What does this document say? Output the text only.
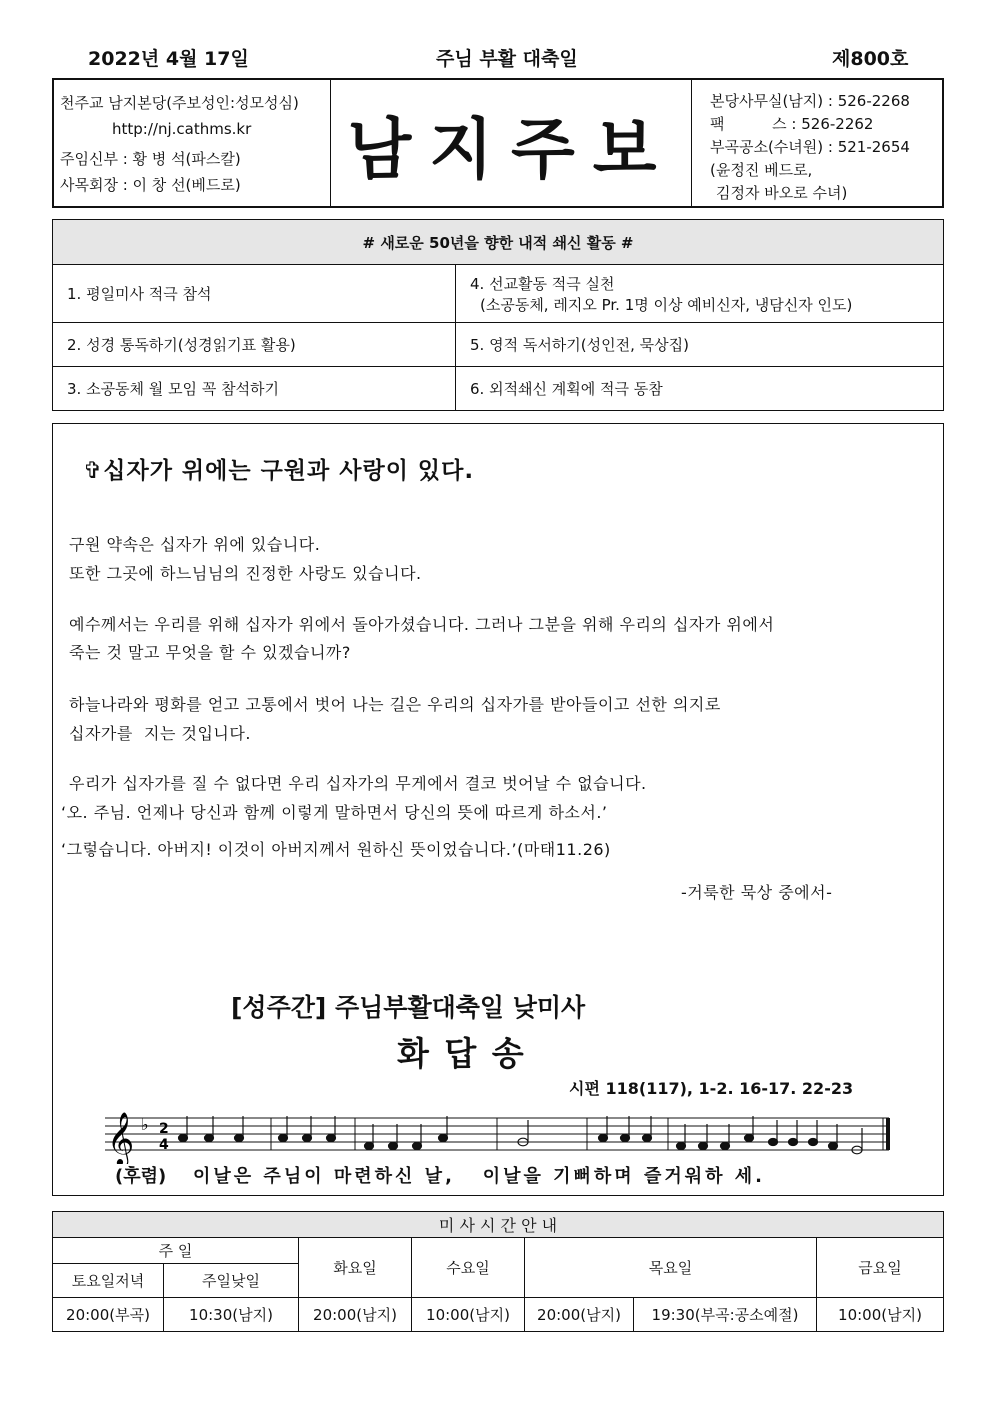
2022년 4월 17일	주님 부활 대축일	제800호
천주교 남지본당(주보성인:성모성심)
http://nj.cathms.kr
주임신부 : 황 병 석(파스칼)
사목회장 : 이 창 선(베드로) 남지주보
본당사무실(남지) : 526-2268
팩          스 : 526-2262
부곡공소(수녀원) : 521-2654
(윤정진 베드로,
김정자 바오로 수녀)
# 새로운 50년을 향한 내적 쇄신 활동 #	
1. 평일미사 적극 참석	4. 선교활동 적극 실천
(소공동체, 레지오 Pr. 1명 이상 예비신자, 냉담신자 인도)

2. 성경 통독하기(성경읽기표 활용)	5. 영적 독서하기(성인전, 묵상집)
3. 소공동체 월 모임 꼭 참석하기	6. 외적쇄신 계획에 적극 동참
✞십자가 위에는 구원과 사랑이 있다.
구원 약속은 십자가 위에 있습니다.
또한 그곳에 하느님님의 진정한 사랑도 있습니다.
예수께서는 우리를 위해 십자가 위에서 돌아가셨습니다. 그러나 그분을 위해 우리의 십자가 위에서
죽는 것 말고 무엇을 할 수 있겠습니까?
하늘나라와 평화를 얻고 고통에서 벗어 나는 길은 우리의 십자가를 받아들이고 선한 의지로
십자가를  지는 것입니다.
우리가 십자가를 질 수 없다면 우리 십자가의 무게에서 결코 벗어날 수 없습니다.
‘오. 주님. 언제나 당신과 함께 이렇게 말하면서 당신의 뜻에 따르게 하소서.’
‘그렇습니다. 아버지! 이것이 아버지께서 원하신 뜻이었습니다.’(마태11.26)
-거룩한 묵상 중에서-
[성주간] 주님부활대축일 낮미사
화 답 송
시편 118(117), 1-2. 16-17. 22-23
𝄞 ♭ 2
4
(후렴) 이날은 주님이 마련하신 날,   이날을 기뻐하며 즐거워하 세.
미 사 시 간 안 내						
주 일		화요일	수요일	목요일		금요일
토요일저녁	주일낮일					
20:00(부곡)	10:30(남지)	20:00(남지)	10:00(남지)	20:00(남지)	19:30(부곡:공소예절)	10:00(남지)
